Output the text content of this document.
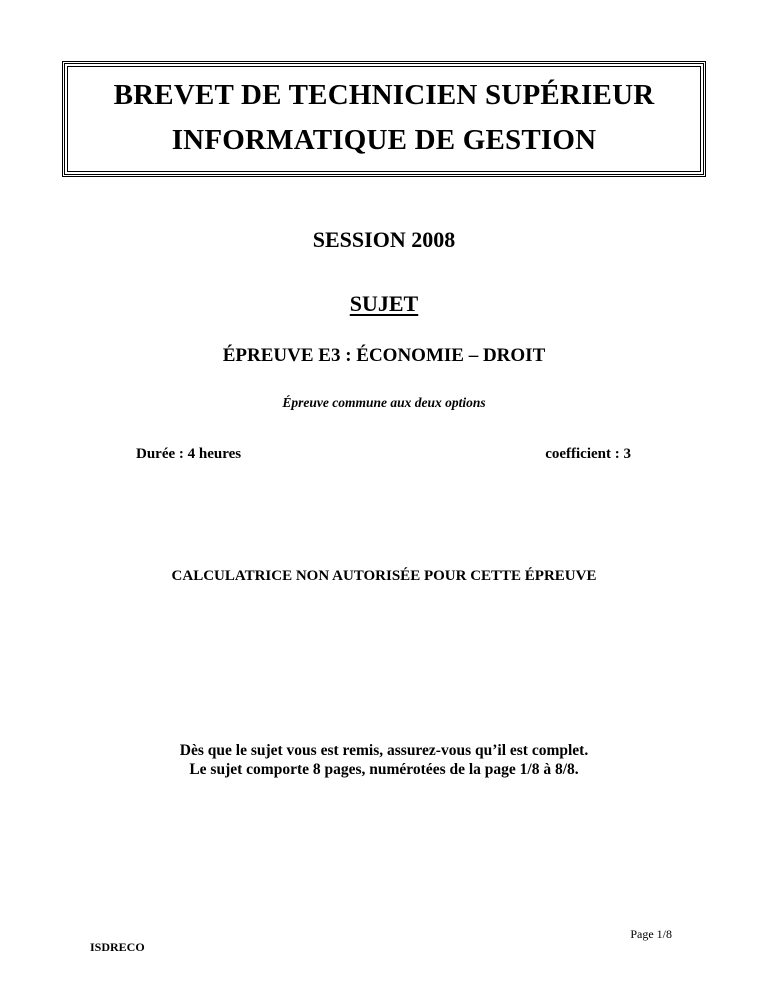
BREVET DE TECHNICIEN SUPÉRIEUR
INFORMATIQUE DE GESTION
SESSION 2008
SUJET
ÉPREUVE E3 : ÉCONOMIE – DROIT
Épreuve commune aux deux options
Durée : 4 heures	coefficient : 3
CALCULATRICE NON AUTORISÉE POUR CETTE ÉPREUVE
Dès que le sujet vous est remis, assurez-vous qu’il est complet.
Le sujet comporte 8 pages, numérotées de la page 1/8 à 8/8.
Page 1/8
ISDRECO
